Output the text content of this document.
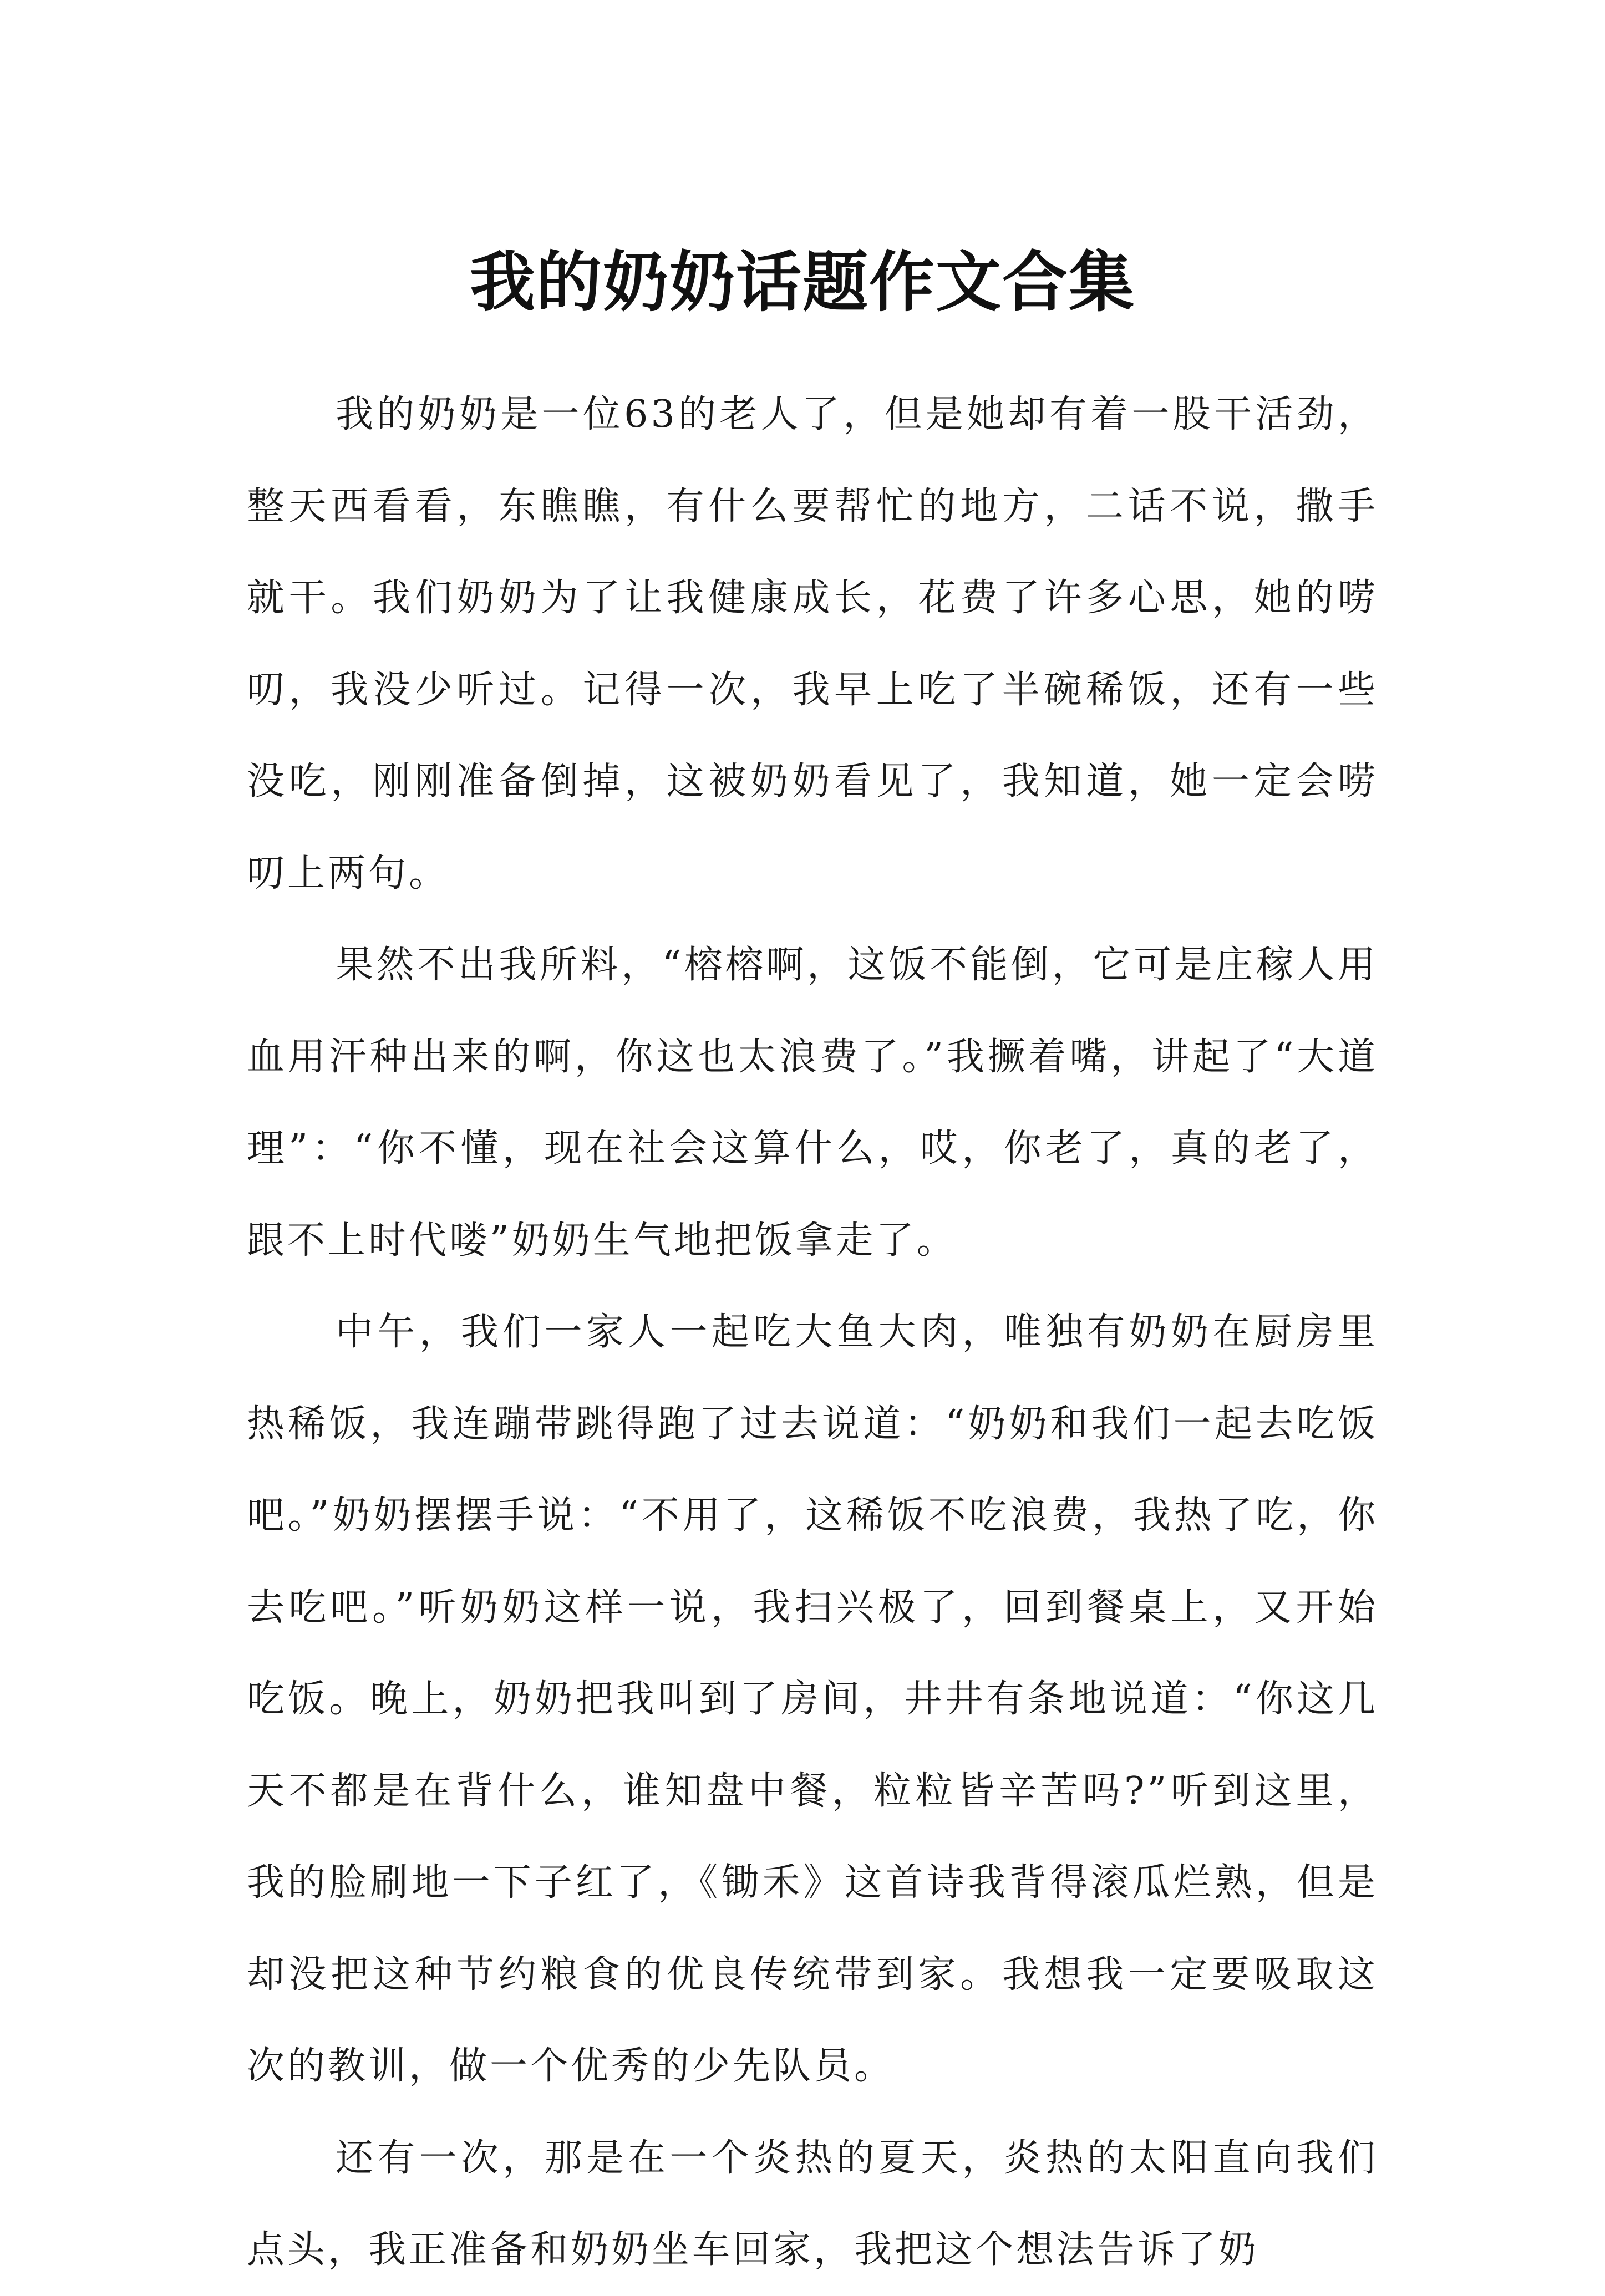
我的奶奶话题作文合集

我的奶奶是一位63的老人了，但是她却有着一股干活劲，整天西看看，东瞧瞧，有什么要帮忙的地方，二话不说，撒手就干。我们奶奶为了让我健康成长，花费了许多心思，她的唠叨，我没少听过。记得一次，我早上吃了半碗稀饭，还有一些没吃，刚刚准备倒掉，这被奶奶看见了，我知道，她一定会唠叨上两句。

果然不出我所料，“榕榕啊，这饭不能倒，它可是庄稼人用血用汗种出来的啊，你这也太浪费了。”我撅着嘴，讲起了“大道理”：“你不懂，现在社会这算什么，哎，你老了，真的老了，跟不上时代喽”奶奶生气地把饭拿走了。

中午，我们一家人一起吃大鱼大肉，唯独有奶奶在厨房里热稀饭，我连蹦带跳得跑了过去说道：“奶奶和我们一起去吃饭吧。”奶奶摆摆手说：“不用了，这稀饭不吃浪费，我热了吃，你去吃吧。”听奶奶这样一说，我扫兴极了，回到餐桌上，又开始吃饭。晚上，奶奶把我叫到了房间，井井有条地说道：“你这几天不都是在背什么，谁知盘中餐，粒粒皆辛苦吗?”听到这里，我的脸刷地一下子红了，《锄禾》这首诗我背得滚瓜烂熟，但是却没把这种节约粮食的优良传统带到家。我想我一定要吸取这次的教训，做一个优秀的少先队员。

还有一次，那是在一个炎热的夏天，炎热的太阳直向我们点头，我正准备和奶奶坐车回家，我把这个想法告诉了奶
